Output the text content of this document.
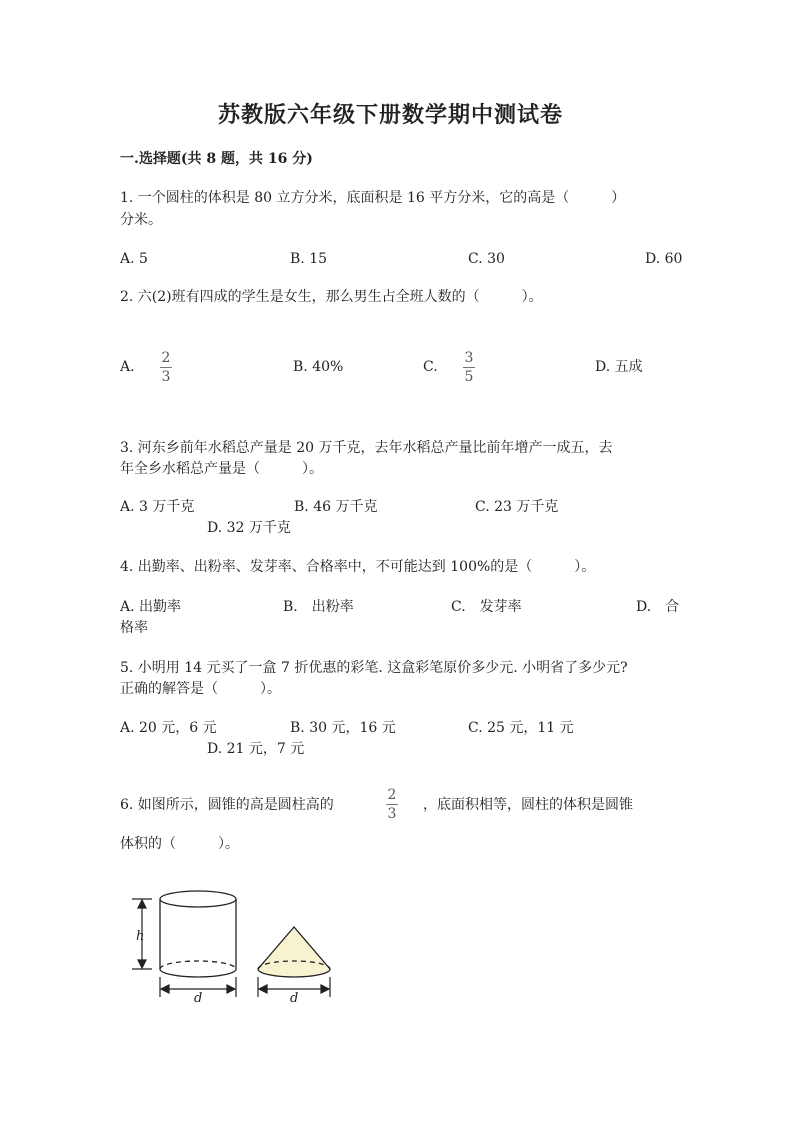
苏教版六年级下册数学期中测试卷
一.选择题(共 8 题，共 16 分)
1. 一个圆柱的体积是 80 立方分米，底面积是 16 平方分米，它的高是（　　　）
分米。
A. 5	B. 15	C. 30	D. 60
2. 六(2)班有四成的学生是女生，那么男生占全班人数的（　　　）。
A.
2
3
B. 40%	C.
3
5
D. 五成
3. 河东乡前年水稻总产量是 20 万千克，去年水稻总产量比前年增产一成五，去
年全乡水稻总产量是（　　　）。
A. 3 万千克	B. 46 万千克	C. 23 万千克
D. 32 万千克
4. 出勤率、出粉率、发芽率、合格率中，不可能达到 100%的是（　　　）。
A. 出勤率	B.　出粉率	C.　发芽率	D.　合
格率
5. 小明用 14 元买了一盒 7 折优惠的彩笔. 这盒彩笔原价多少元. 小明省了多少元?
正确的解答是（　　　）。
A. 20 元，6 元	B. 30 元，16 元	C. 25 元，11 元
D. 21 元，7 元
6. 如图所示，圆锥的高是圆柱高的
2
3
，底面积相等，圆柱的体积是圆锥
体积的（　　　）。
h
d	d
